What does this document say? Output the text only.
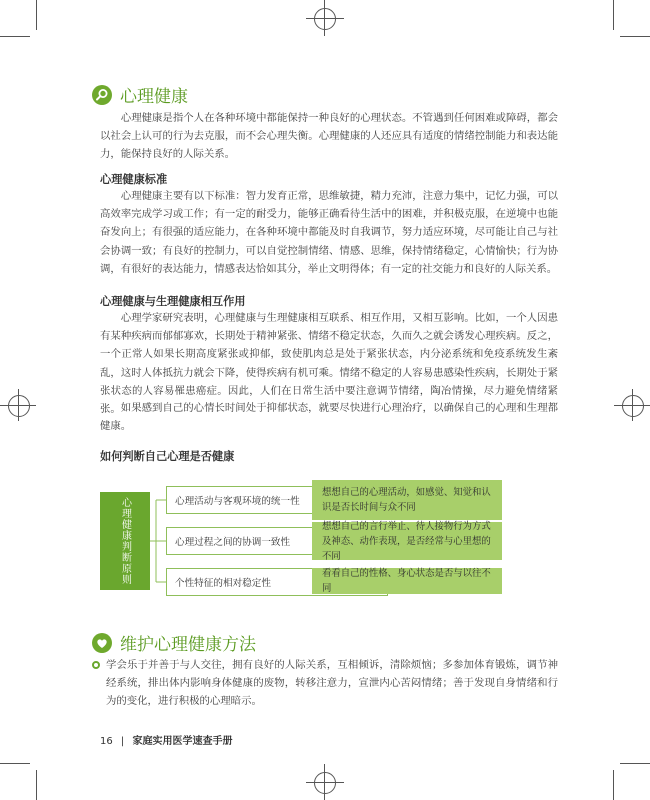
心理健康
心理健康是指个人在各种环境中都能保持一种良好的心理状态。不管遇到任何困难或障碍，都会以社会上认可的行为去克服，而不会心理失衡。心理健康的人还应具有适度的情绪控制能力和表达能力，能保持良好的人际关系。
心理健康标准
心理健康主要有以下标准：智力发育正常，思维敏捷，精力充沛，注意力集中，记忆力强，可以高效率完成学习或工作；有一定的耐受力，能够正确看待生活中的困难，并积极克服，在逆境中也能奋发向上；有很强的适应能力，在各种环境中都能及时自我调节，努力适应环境，尽可能让自己与社会协调一致；有良好的控制力，可以自觉控制情绪、情感、思维，保持情绪稳定，心情愉快；行为协调，有很好的表达能力，情感表达恰如其分，举止文明得体；有一定的社交能力和良好的人际关系。
心理健康与生理健康相互作用
心理学家研究表明，心理健康与生理健康相互联系、相互作用，又相互影响。比如，一个人因患有某种疾病而郁郁寡欢，长期处于精神紧张、情绪不稳定状态，久而久之就会诱发心理疾病。反之，一个正常人如果长期高度紧张或抑郁，致使肌肉总是处于紧张状态，内分泌系统和免疫系统发生紊乱，这时人体抵抗力就会下降，使得疾病有机可乘。情绪不稳定的人容易患感染性疾病，长期处于紧张状态的人容易罹患癌症。因此，人们在日常生活中要注意调节情绪，陶冶情操，尽力避免情绪紧张。 如果感到自己的心情长时间处于抑郁状态，就要尽快进行心理治疗，以确保自己的心理和生理都健康。
如何判断自己心理是否健康
心理健康判断原则	心理活动与客观环境的统一性
心理过程之间的协调一致性
个性特征的相对稳定性
想想自己的心理活动，如感觉、知觉和认识是否长时间与众不同
想想自己的言行举止、待人接物行为方式及神态、动作表现，是否经常与心里想的不同
看看自己的性格、身心状态是否与以往不同
维护心理健康方法
学会乐于并善于与人交往，拥有良好的人际关系，互相倾诉，清除烦恼；多参加体育锻炼，调节神经系统，排出体内影响身体健康的废物，转移注意力，宣泄内心苦闷情绪；善于发现自身情绪和行为的变化，进行积极的心理暗示。
16 | 家庭实用医学速查手册
